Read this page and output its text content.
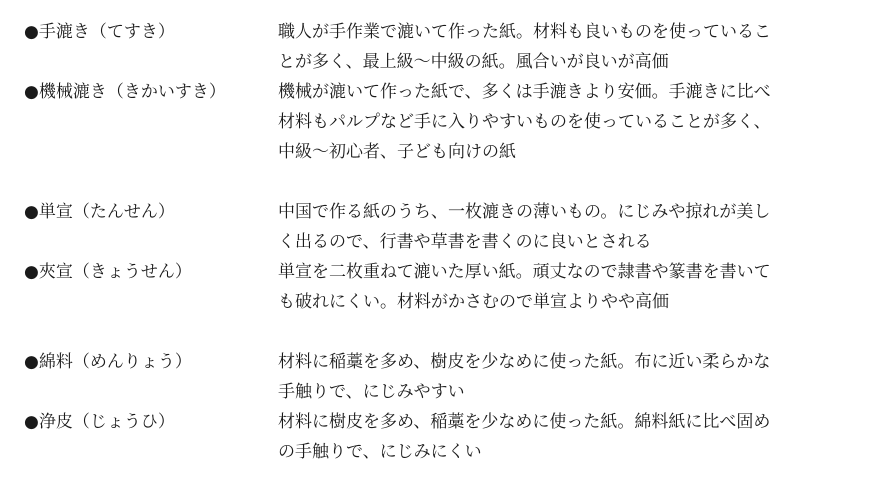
●手漉き（てすき）	職人が手作業で漉いて作った紙。材料も良いものを使っているこ
とが多く、最上級〜中級の紙。風合いが良いが高価
●機械漉き（きかいすき）	機械が漉いて作った紙で、多くは手漉きより安価。手漉きに比べ
材料もパルプなど手に入りやすいものを使っていることが多く、
中級〜初心者、子ども向けの紙
●単宣（たんせん）	中国で作る紙のうち、一枚漉きの薄いもの。にじみや掠れが美し
く出るので、行書や草書を書くのに良いとされる
●夾宣（きょうせん）	単宣を二枚重ねて漉いた厚い紙。頑丈なので隷書や篆書を書いて
も破れにくい。材料がかさむので単宣よりやや高価
●綿料（めんりょう）	材料に稲藁を多め、樹皮を少なめに使った紙。布に近い柔らかな
手触りで、にじみやすい
●浄皮（じょうひ）	材料に樹皮を多め、稲藁を少なめに使った紙。綿料紙に比べ固め
の手触りで、にじみにくい
